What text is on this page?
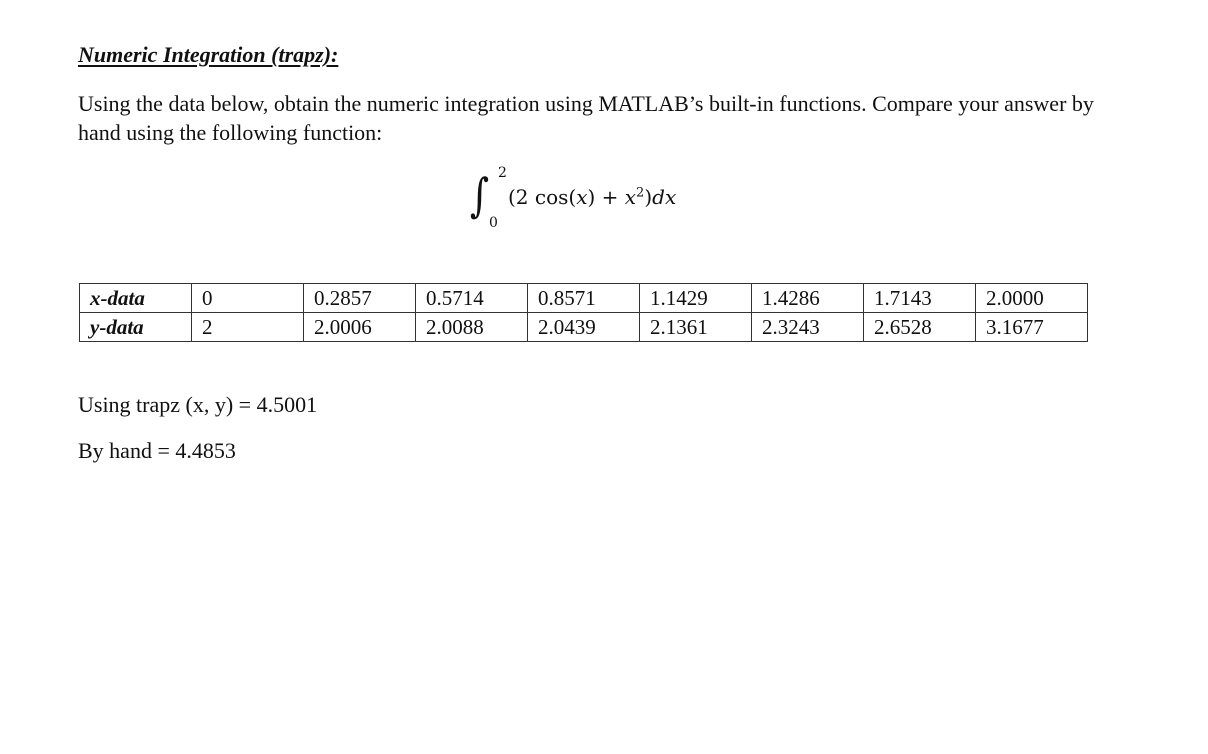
Numeric Integration (trapz):
Using the data below, obtain the numeric integration using MATLAB’s built-in functions. Compare your answer by hand using the following function:
∫ 2
0
(2 $\cos(x) + x^2)dx$
x-data	0	0.2857	0.5714	0.8571	1.1429	1.4286	1.7143	2.0000
y-data	2	2.0006	2.0088	2.0439	2.1361	2.3243	2.6528	3.1677
Using trapz (x, y) = 4.5001
By hand = 4.4853
